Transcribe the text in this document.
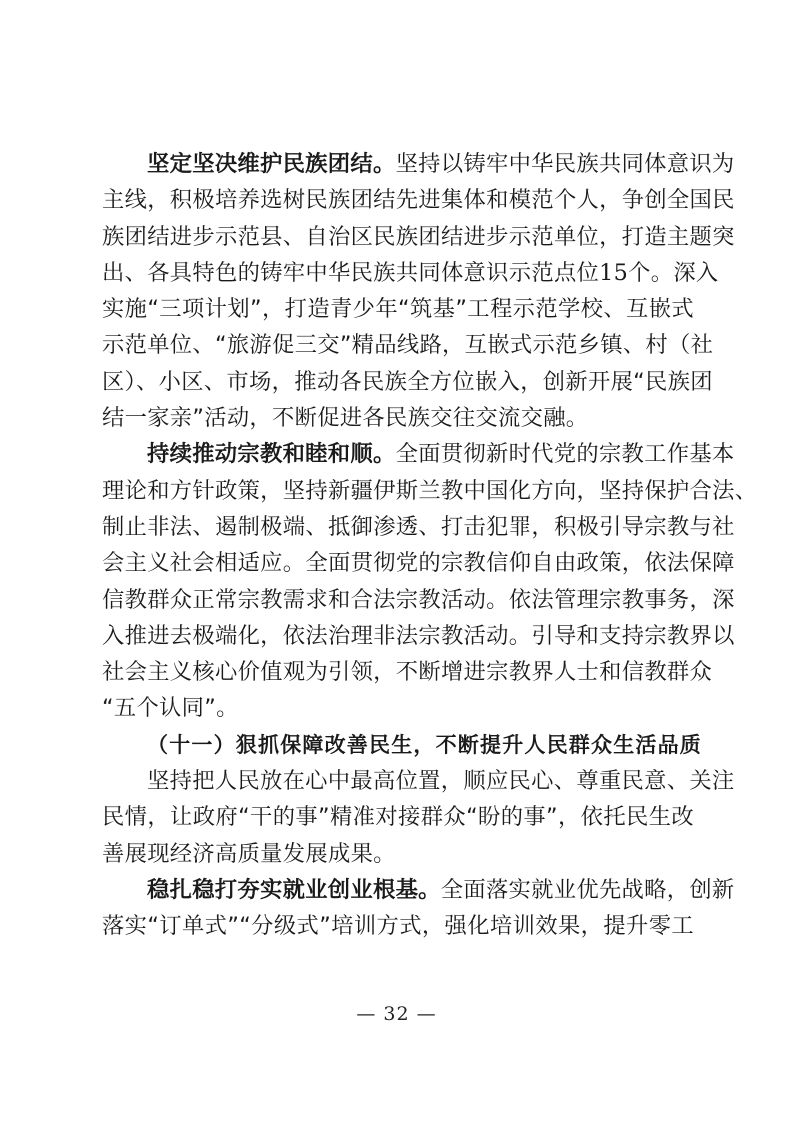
坚定坚决维护民族团结。坚持以铸牢中华民族共同体意识为
主线，积极培养选树民族团结先进集体和模范个人，争创全国民
族团结进步示范县、自治区民族团结进步示范单位，打造主题突
出、各具特色的铸牢中华民族共同体意识示范点位15个。深入
实施“三项计划”，打造青少年“筑基”工程示范学校、互嵌式
示范单位、“旅游促三交”精品线路，互嵌式示范乡镇、村（社
区）、小区、市场，推动各民族全方位嵌入，创新开展“民族团
结一家亲”活动，不断促进各民族交往交流交融。
持续推动宗教和睦和顺。全面贯彻新时代党的宗教工作基本
理论和方针政策，坚持新疆伊斯兰教中国化方向，坚持保护合法、
制止非法、遏制极端、抵御渗透、打击犯罪，积极引导宗教与社
会主义社会相适应。全面贯彻党的宗教信仰自由政策，依法保障
信教群众正常宗教需求和合法宗教活动。依法管理宗教事务，深
入推进去极端化，依法治理非法宗教活动。引导和支持宗教界以
社会主义核心价值观为引领，不断增进宗教界人士和信教群众
“五个认同”。
（十一）狠抓保障改善民生，不断提升人民群众生活品质
坚持把人民放在心中最高位置，顺应民心、尊重民意、关注
民情，让政府“干的事”精准对接群众“盼的事”，依托民生改
善展现经济高质量发展成果。
稳扎稳打夯实就业创业根基。全面落实就业优先战略，创新
落实“订单式”“分级式”培训方式，强化培训效果，提升零工
— 32 —
